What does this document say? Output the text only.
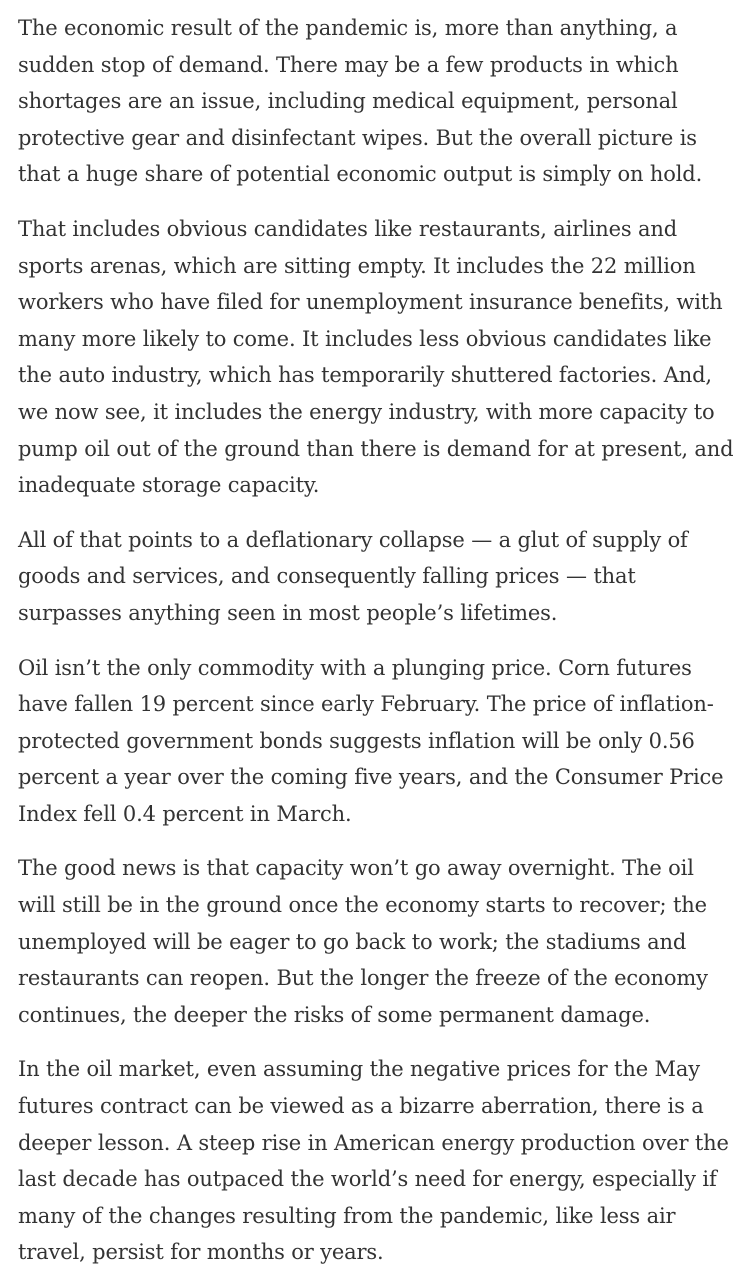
The economic result of the pandemic is, more than anything, a
sudden stop of demand. There may be a few products in which
shortages are an issue, including medical equipment, personal
protective gear and disinfectant wipes. But the overall picture is
that a huge share of potential economic output is simply on hold.

That includes obvious candidates like restaurants, airlines and
sports arenas, which are sitting empty. It includes the 22 million
workers who have filed for unemployment insurance benefits, with
many more likely to come. It includes less obvious candidates like
the auto industry, which has temporarily shuttered factories. And,
we now see, it includes the energy industry, with more capacity to
pump oil out of the ground than there is demand for at present, and
inadequate storage capacity.

All of that points to a deflationary collapse — a glut of supply of
goods and services, and consequently falling prices — that
surpasses anything seen in most people’s lifetimes.

Oil isn’t the only commodity with a plunging price. Corn futures
have fallen 19 percent since early February. The price of inflation-
protected government bonds suggests inflation will be only 0.56
percent a year over the coming five years, and the Consumer Price
Index fell 0.4 percent in March.

The good news is that capacity won’t go away overnight. The oil
will still be in the ground once the economy starts to recover; the
unemployed will be eager to go back to work; the stadiums and
restaurants can reopen. But the longer the freeze of the economy
continues, the deeper the risks of some permanent damage.

In the oil market, even assuming the negative prices for the May
futures contract can be viewed as a bizarre aberration, there is a
deeper lesson. A steep rise in American energy production over the
last decade has outpaced the world’s need for energy, especially if
many of the changes resulting from the pandemic, like less air
travel, persist for months or years.
